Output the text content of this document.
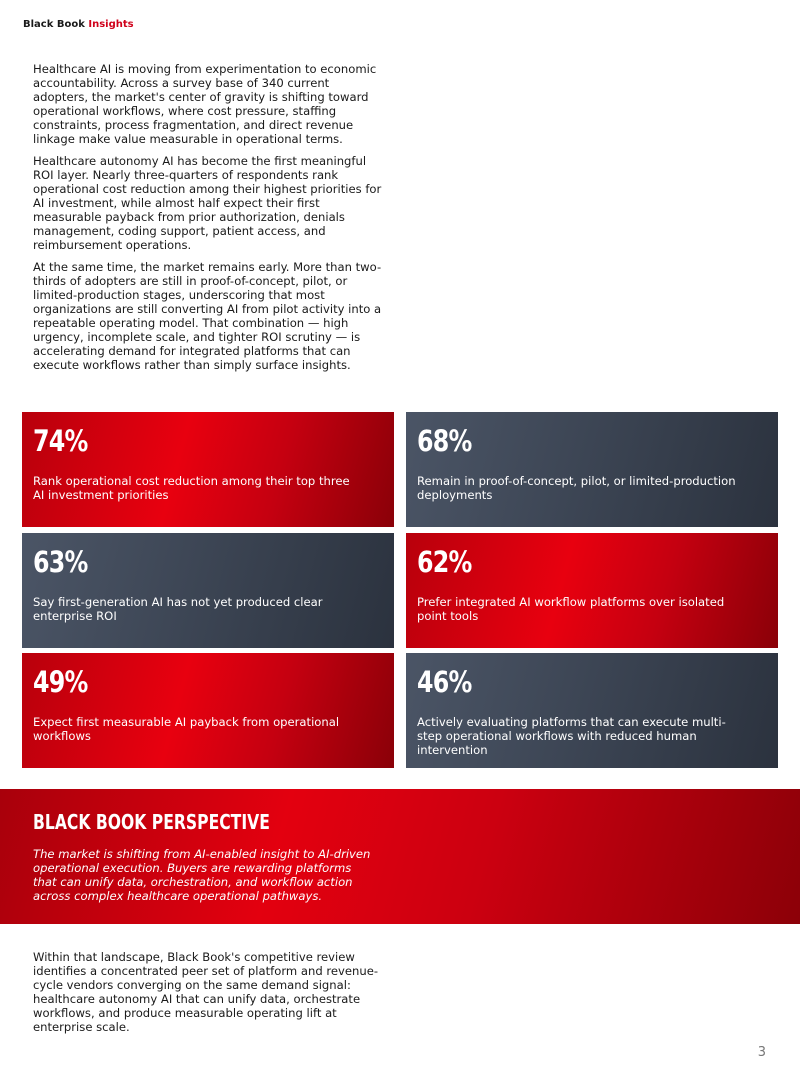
Black Book Insights

Healthcare AI is moving from experimentation to economic accountability. Across a survey base of 340 current adopters, the market's center of gravity is shifting toward operational workflows, where cost pressure, staffing constraints, process fragmentation, and direct revenue linkage make value measurable in operational terms.

Healthcare autonomy AI has become the first meaningful ROI layer. Nearly three-quarters of respondents rank operational cost reduction among their highest priorities for AI investment, while almost half expect their first measurable payback from prior authorization, denials management, coding support, patient access, and reimbursement operations.

At the same time, the market remains early. More than two-thirds of adopters are still in proof-of-concept, pilot, or limited-production stages, underscoring that most organizations are still converting AI from pilot activity into a repeatable operating model. That combination — high urgency, incomplete scale, and tighter ROI scrutiny — is accelerating demand for integrated platforms that can execute workflows rather than simply surface insights.

74%
Rank operational cost reduction among their top three AI investment priorities
68%
Remain in proof-of-concept, pilot, or limited-production deployments
63%
Say first-generation AI has not yet produced clear enterprise ROI
62%
Prefer integrated AI workflow platforms over isolated point tools
49%
Expect first measurable AI payback from operational workflows
46%
Actively evaluating platforms that can execute multi-step operational workflows with reduced human intervention
BLACK BOOK PERSPECTIVE
The market is shifting from AI-enabled insight to AI-driven operational execution. Buyers are rewarding platforms that can unify data, orchestration, and workflow action across complex healthcare operational pathways.
Within that landscape, Black Book's competitive review identifies a concentrated peer set of platform and revenue-cycle vendors converging on the same demand signal: healthcare autonomy AI that can unify data, orchestrate workflows, and produce measurable operating lift at enterprise scale.
3
